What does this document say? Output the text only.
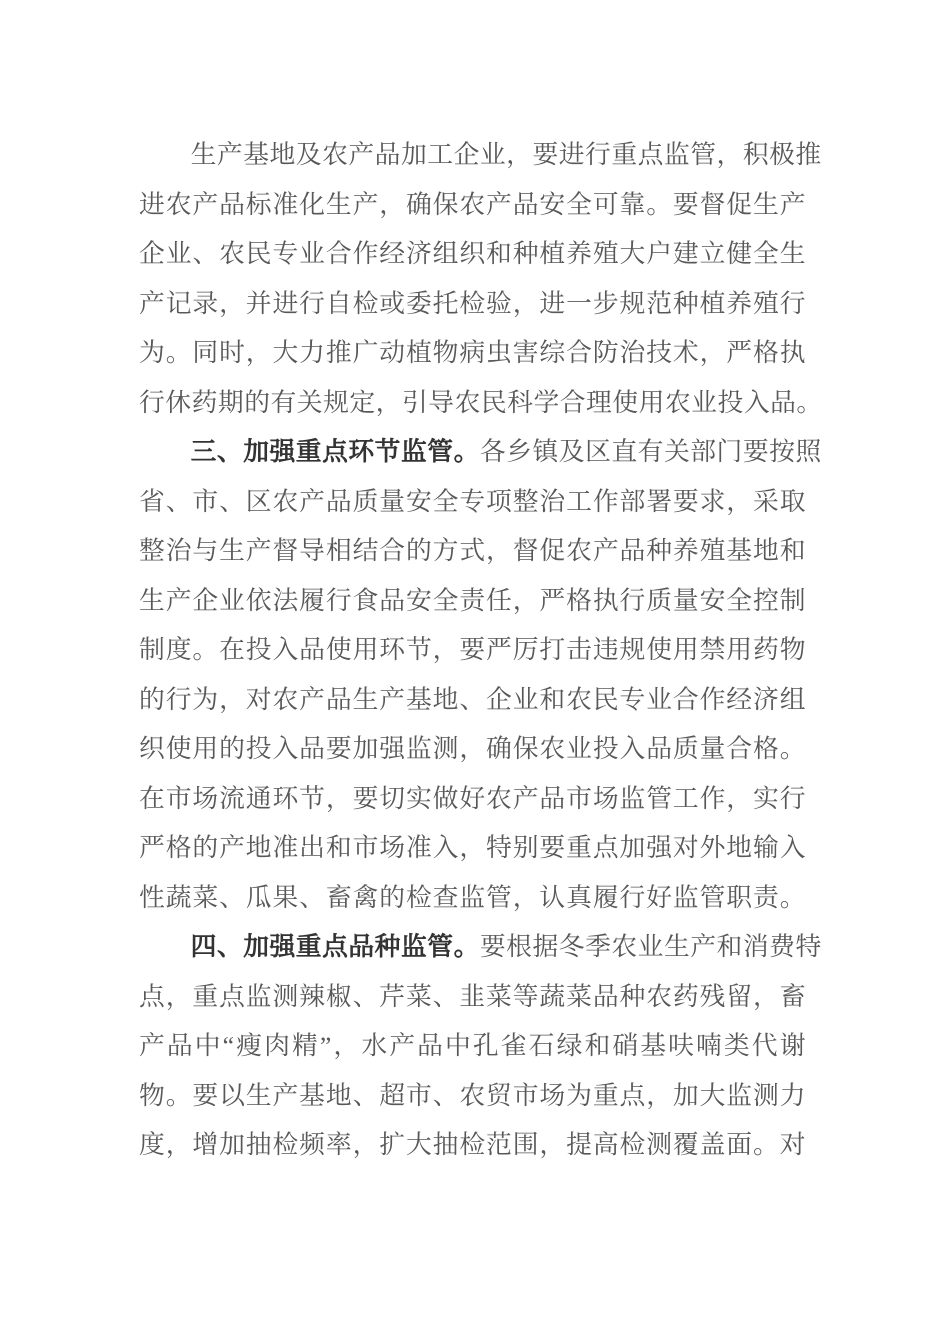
生产基地及农产品加工企业，要进行重点监管，积极推
进农产品标准化生产，确保农产品安全可靠。要督促生产
企业、农民专业合作经济组织和种植养殖大户建立健全生
产记录，并进行自检或委托检验，进一步规范种植养殖行
为。同时，大力推广动植物病虫害综合防治技术，严格执
行休药期的有关规定，引导农民科学合理使用农业投入品。
三、加强重点环节监管。各乡镇及区直有关部门要按照
省、市、区农产品质量安全专项整治工作部署要求，采取
整治与生产督导相结合的方式，督促农产品种养殖基地和
生产企业依法履行食品安全责任，严格执行质量安全控制
制度。在投入品使用环节，要严厉打击违规使用禁用药物
的行为，对农产品生产基地、企业和农民专业合作经济组
织使用的投入品要加强监测，确保农业投入品质量合格。
在市场流通环节，要切实做好农产品市场监管工作，实行
严格的产地准出和市场准入，特别要重点加强对外地输入
性蔬菜、瓜果、畜禽的检查监管，认真履行好监管职责。
四、加强重点品种监管。要根据冬季农业生产和消费特
点，重点监测辣椒、芹菜、韭菜等蔬菜品种农药残留，畜
产品中“瘦肉精”，水产品中孔雀石绿和硝基呋喃类代谢
物。要以生产基地、超市、农贸市场为重点，加大监测力
度，增加抽检频率，扩大抽检范围，提高检测覆盖面。对
